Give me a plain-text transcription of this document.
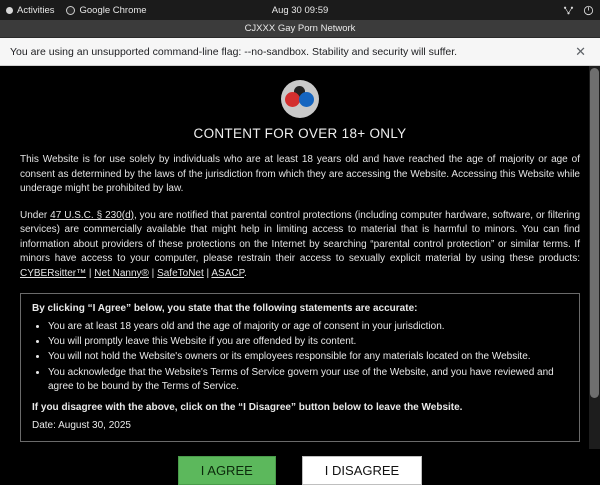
Activities	Google Chrome	Aug 30 09:59
CJXXX Gay Porn Network
You are using an unsupported command-line flag: --no-sandbox. Stability and security will suffer.	✕
CONTENT FOR OVER 18+ ONLY

This Website is for use solely by individuals who are at least 18 years old and have reached the age of majority or age of consent as determined by the laws of the jurisdiction from which they are accessing the Website. Accessing this Website while underage might be prohibited by law.

Under 47 U.S.C. § 230(d), you are notified that parental control protections (including computer hardware, software, or filtering services) are commercially available that might help in limiting access to material that is harmful to minors. You can find information about providers of these protections on the Internet by searching “parental control protection” or similar terms. If minors have access to your computer, please restrain their access to sexually explicit material by using these products: CYBERsitter™ | Net Nanny® | SafeToNet | ASACP.

By clicking “I Agree” below, you state that the following statements are accurate:

• You are at least 18 years old and the age of majority or age of consent in your jurisdiction.
• You will promptly leave this Website if you are offended by its content.
• You will not hold the Website's owners or its employees responsible for any materials located on the Website.
• You acknowledge that the Website's Terms of Service govern your use of the Website, and you have reviewed and agree to be bound by the Terms of Service.

If you disagree with the above, click on the “I Disagree” button below to leave the Website.

Date: August 30, 2025

I AGREE	I DISAGREE
